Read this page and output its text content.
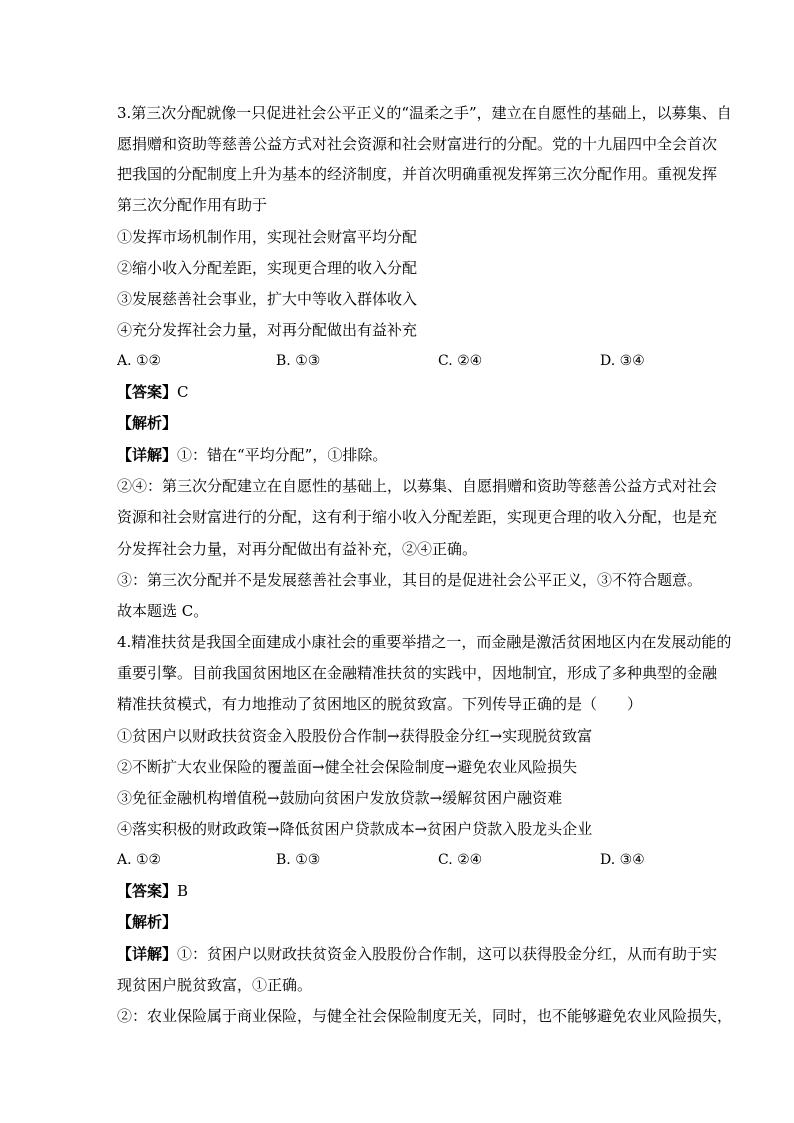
3.第三次分配就像一只促进社会公平正义的“温柔之手”，建立在自愿性的基础上，以募集、自
愿捐赠和资助等慈善公益方式对社会资源和社会财富进行的分配。党的十九届四中全会首次
把我国的分配制度上升为基本的经济制度，并首次明确重视发挥第三次分配作用。重视发挥
第三次分配作用有助于
①发挥市场机制作用，实现社会财富平均分配
②缩小收入分配差距，实现更合理的收入分配
③发展慈善社会事业，扩大中等收入群体收入
④充分发挥社会力量，对再分配做出有益补充
A. ①②	B. ①③	C. ②④	D. ③④
【答案】C
【解析】
【详解】①：错在“平均分配”，①排除。
②④：第三次分配建立在自愿性的基础上，以募集、自愿捐赠和资助等慈善公益方式对社会
资源和社会财富进行的分配，这有利于缩小收入分配差距，实现更合理的收入分配，也是充
分发挥社会力量，对再分配做出有益补充，②④正确。
③：第三次分配并不是发展慈善社会事业，其目的是促进社会公平正义，③不符合题意。
故本题选 C。
4.精准扶贫是我国全面建成小康社会的重要举措之一，而金融是激活贫困地区内在发展动能的
重要引擎。目前我国贫困地区在金融精准扶贫的实践中，因地制宜，形成了多种典型的金融
精准扶贫模式，有力地推动了贫困地区的脱贫致富。下列传导正确的是（　　）
①贫困户以财政扶贫资金入股股份合作制→获得股金分红→实现脱贫致富
②不断扩大农业保险的覆盖面→健全社会保险制度→避免农业风险损失
③免征金融机构增值税→鼓励向贫困户发放贷款→缓解贫困户融资难
④落实积极的财政政策→降低贫困户贷款成本→贫困户贷款入股龙头企业
A. ①②	B. ①③	C. ②④	D. ③④
【答案】B
【解析】
【详解】①：贫困户以财政扶贫资金入股股份合作制，这可以获得股金分红，从而有助于实
现贫困户脱贫致富，①正确。
②：农业保险属于商业保险，与健全社会保险制度无关，同时，也不能够避免农业风险损失，
